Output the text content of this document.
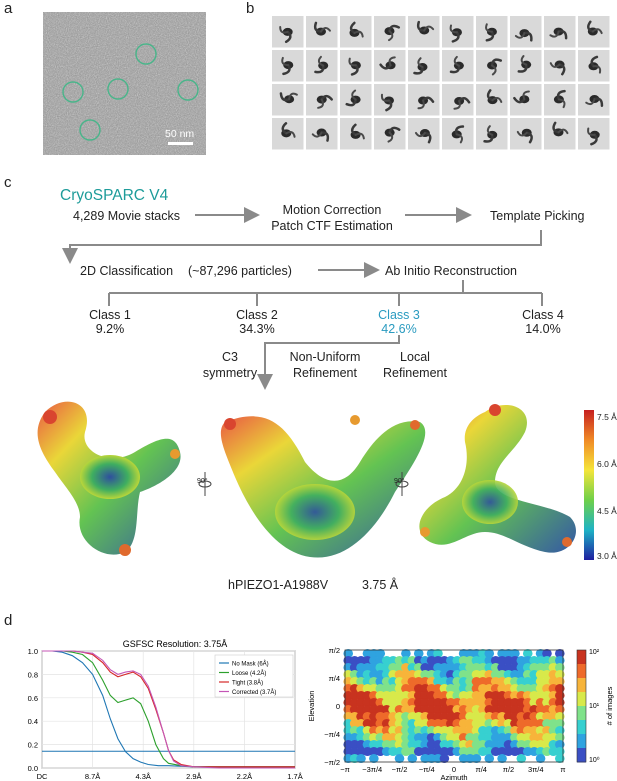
a	b
c
d
50 nm
CryoSPARC V4
4,289 Movie stacks	Motion Correction
Patch CTF Estimation
Template Picking
2D Classification (~87,296 particles)	Ab Initio Reconstruction
Class 1
9.2%
Class 2
34.3%
Class 3
42.6%
Class 4
14.0%
C3
symmetry
Non-Uniform
Refinement
Local
Refinement
90°	90°
7.5 Å
6.0 Å
4.5 Å
3.0 Å
hPIEZO1-A1988V	3.75 Å
GSFSC Resolution: 3.75Å
DC	8.7Å	4.3Å	2.9Å	2.2Å	1.7Å
0.0
0.2
0.4
0.6
0.8
1.0
No Mask (6Å)
Loose (4.2Å)
Tight (3.8Å)
Corrected (3.7Å)
−π −3π/4 −π/2 −π/4 0	π/4 π/2 3π/4 π
π/2
π/4
0
−π/4
−π/2
Azimuth
Elevation
10²
10¹
10⁰
# of images
